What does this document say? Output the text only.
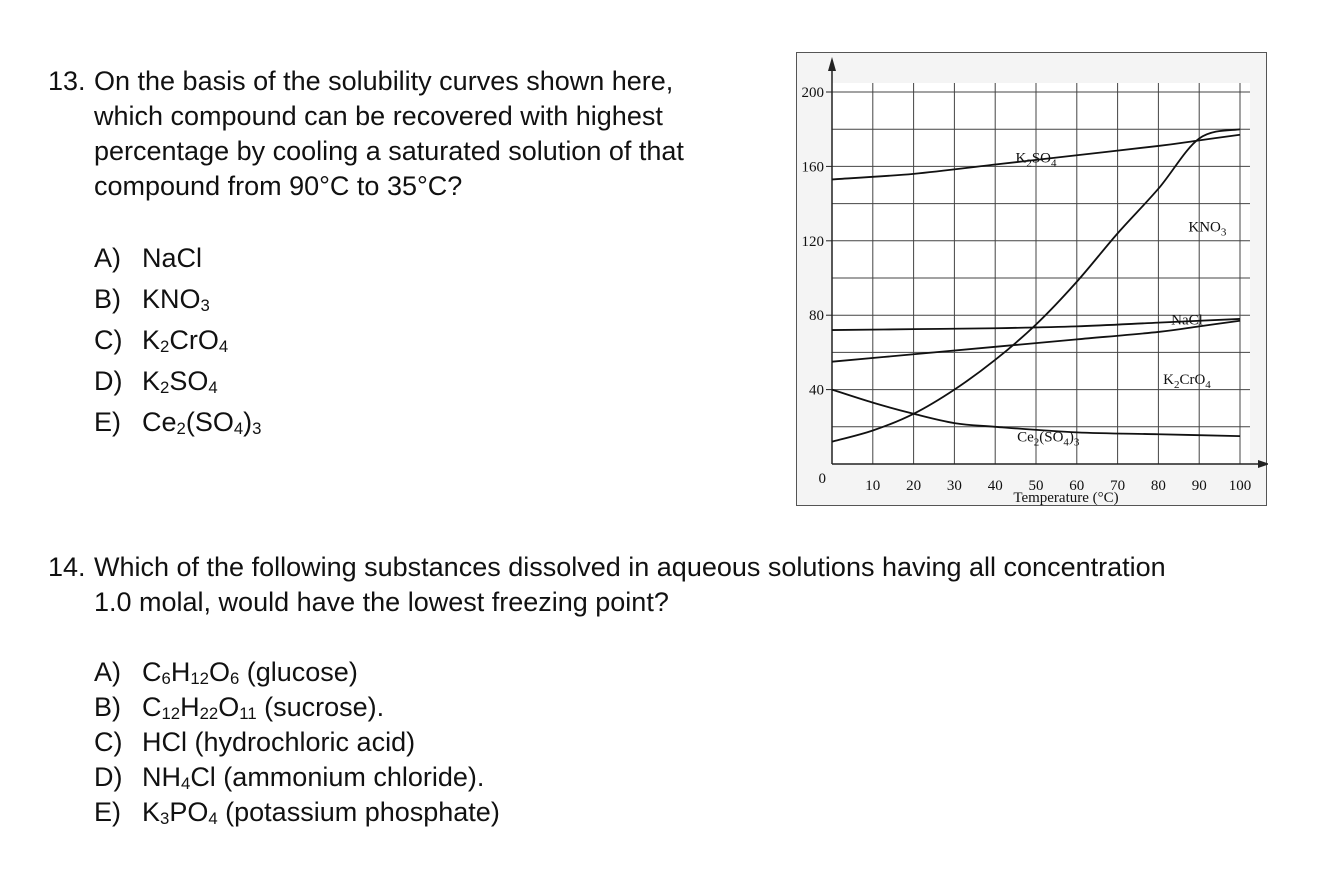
13. On the basis of the solubility curves shown here,
which compound can be recovered with highest
percentage by cooling a saturated solution of that
compound from 90°C to 35°C?
A) NaCl
B) $KNO_3$
C) $K_2CrO_4$
D) $K_2SO_4$
E) $Ce_2(SO_4)_3$
200
160
120
80
40
0	10 20 30 40 50 60 70 80 90 100
Temperature (°C)
$K_2SO_4$
$KNO_3$
NaCl
$K_2CrO_4$
$Ce_2(SO_4)_3$
14. Which of the following substances dissolved in aqueous solutions having all concentration
1.0 molal, would have the lowest freezing point?
A) $C_6H_{12}O_6$ (glucose)
B) $C_{12}H_{22}O_{11}$ (sucrose).
C) HCl (hydrochloric acid)
D) $NH_4Cl$ (ammonium chloride).
E) $K_3PO_4$ (potassium phosphate)
